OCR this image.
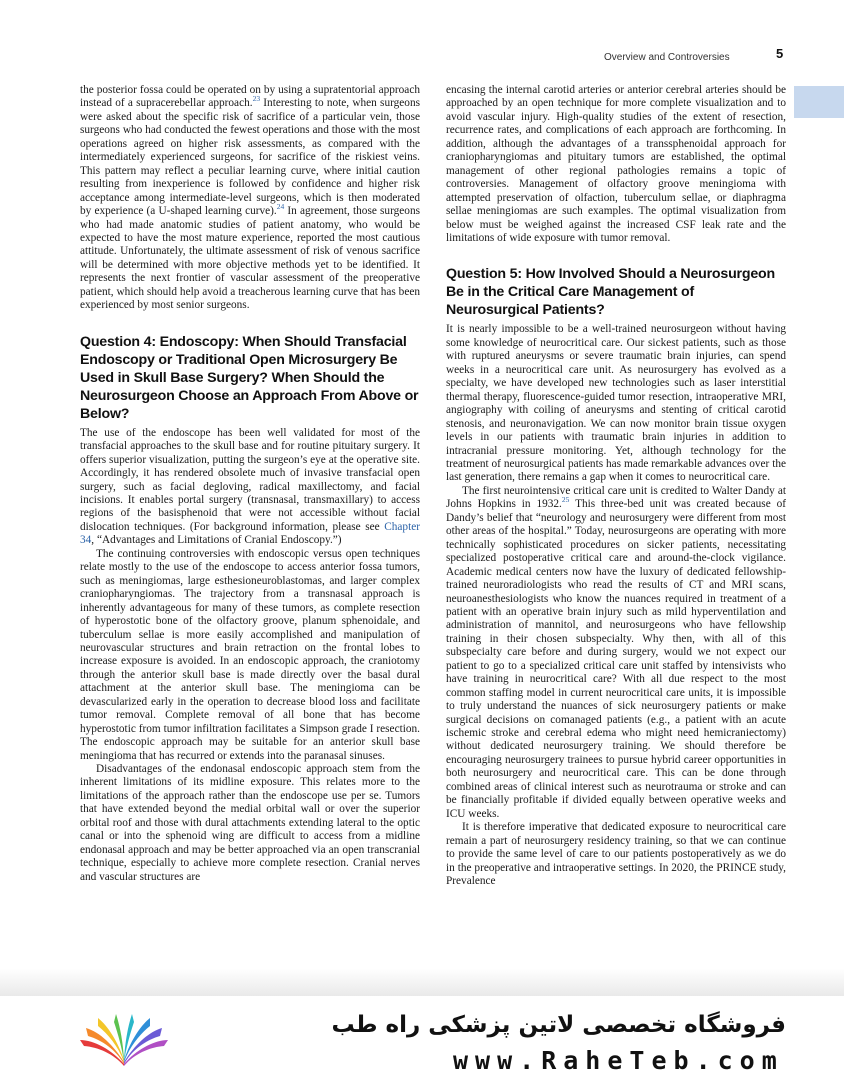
Overview and Controversies	5

the posterior fossa could be operated on by using a supratentorial approach instead of a supracerebellar approach.$^{23}$ Interesting to note, when surgeons were asked about the specific risk of sacrifice of a particular vein, those surgeons who had conducted the fewest operations and those with the most operations agreed on higher risk assessments, as compared with the intermediately experienced surgeons, for sacrifice of the riskiest veins. This pattern may reflect a peculiar learning curve, where initial caution resulting from inexperience is followed by confidence and higher risk acceptance among intermediate-level surgeons, which is then moderated by experience (a U-shaped learning curve).$^{24}$ In agreement, those surgeons who had made anatomic studies of patient anatomy, who would be expected to have the most mature experience, reported the most cautious attitude. Unfortunately, the ultimate assessment of risk of venous sacrifice will be determined with more objective methods yet to be identified. It represents the next frontier of vascular assessment of the preoperative patient, which should help avoid a treacherous learning curve that has been experienced by most senior surgeons.

Question 4: Endoscopy: When Should Transfacial Endoscopy or Traditional Open Microsurgery Be Used in Skull Base Surgery? When Should the Neurosurgeon Choose an Approach From Above or Below?

The use of the endoscope has been well validated for most of the transfacial approaches to the skull base and for routine pituitary surgery. It offers superior visualization, putting the surgeon’s eye at the operative site. Accordingly, it has rendered obsolete much of invasive transfacial open surgery, such as facial degloving, radical maxillectomy, and facial incisions. It enables portal surgery (transnasal, transmaxillary) to access regions of the basisphenoid that were not accessible without facial dislocation techniques. (For background information, please see Chapter 34, “Advantages and Limitations of Cranial Endoscopy.”)

The continuing controversies with endoscopic versus open techniques relate mostly to the use of the endoscope to access anterior fossa tumors, such as meningiomas, large esthesioneuroblastomas, and larger complex craniopharyngiomas. The trajectory from a transnasal approach is inherently advantageous for many of these tumors, as complete resection of hyperostotic bone of the olfactory groove, planum sphenoidale, and tuberculum sellae is more easily accomplished and manipulation of neurovascular structures and brain retraction on the frontal lobes to increase exposure is avoided. In an endoscopic approach, the craniotomy through the anterior skull base is made directly over the basal dural attachment at the anterior skull base. The meningioma can be devascularized early in the operation to decrease blood loss and facilitate tumor removal. Complete removal of all bone that has become hyperostotic from tumor infiltration facilitates a Simpson grade I resection. The endoscopic approach may be suitable for an anterior skull base meningioma that has recurred or extends into the paranasal sinuses.

Disadvantages of the endonasal endoscopic approach stem from the inherent limitations of its midline exposure. This relates more to the limitations of the approach rather than the endoscope use per se. Tumors that have extended beyond the medial orbital wall or over the superior orbital roof and those with dural attachments extending lateral to the optic canal or into the sphenoid wing are difficult to access from a midline endonasal approach and may be better approached via an open transcranial technique, especially to achieve more complete resection. Cranial nerves and vascular structures are

encasing the internal carotid arteries or anterior cerebral arteries should be approached by an open technique for more complete visualization and to avoid vascular injury. High-quality studies of the extent of resection, recurrence rates, and complications of each approach are forthcoming. In addition, although the advantages of a transsphenoidal approach for craniopharyngiomas and pituitary tumors are established, the optimal management of other regional pathologies remains a topic of controversies. Management of olfactory groove meningioma with attempted preservation of olfaction, tuberculum sellae, or diaphragma sellae meningiomas are such examples. The optimal visualization from below must be weighed against the increased CSF leak rate and the limitations of wide exposure with tumor removal.

Question 5: How Involved Should a Neurosurgeon Be in the Critical Care Management of Neurosurgical Patients?

It is nearly impossible to be a well-trained neurosurgeon without having some knowledge of neurocritical care. Our sickest patients, such as those with ruptured aneurysms or severe traumatic brain injuries, can spend weeks in a neurocritical care unit. As neurosurgery has evolved as a specialty, we have developed new technologies such as laser interstitial thermal therapy, fluorescence-guided tumor resection, intraoperative MRI, angiography with coiling of aneurysms and stenting of critical carotid stenosis, and neuronavigation. We can now monitor brain tissue oxygen levels in our patients with traumatic brain injuries in addition to intracranial pressure monitoring. Yet, although technology for the treatment of neurosurgical patients has made remarkable advances over the last generation, there remains a gap when it comes to neurocritical care.

The first neurointensive critical care unit is credited to Walter Dandy at Johns Hopkins in 1932.25 This three-bed unit was created because of Dandy’s belief that “neurology and neurosurgery were different from most other areas of the hospital.” Today, neurosurgeons are operating with more technically sophisticated procedures on sicker patients, necessitating specialized postoperative critical care and around-the-clock vigilance. Academic medical centers now have the luxury of dedicated fellowship-trained neuroradiologists who read the results of CT and MRI scans, neuroanesthesiologists who know the nuances required in treatment of a patient with an operative brain injury such as mild hyperventilation and administration of mannitol, and neurosurgeons who have fellowship training in their chosen subspecialty. Why then, with all of this subspecialty care before and during surgery, would we not expect our patient to go to a specialized critical care unit staffed by intensivists who have training in neurocritical care? With all due respect to the most common staffing model in current neurocritical care units, it is impossible to truly understand the nuances of sick neurosurgery patients or make surgical decisions on comanaged patients (e.g., a patient with an acute ischemic stroke and cerebral edema who might need hemicraniectomy) without dedicated neurosurgery training. We should therefore be encouraging neurosurgery trainees to pursue hybrid career opportunities in both neurosurgery and neurocritical care. This can be done through combined areas of clinical interest such as neurotrauma or stroke and can be financially profitable if divided equally between operative weeks and ICU weeks.

It is therefore imperative that dedicated exposure to neurocritical care remain a part of neurosurgery residency training, so that we can continue to provide the same level of care to our patients postoperatively as we do in the preoperative and intraoperative settings. In 2020, the PRINCE study, Prevalence

فروشگاه تخصصی لاتین پزشکی راه طب
www.RaheTeb.com
